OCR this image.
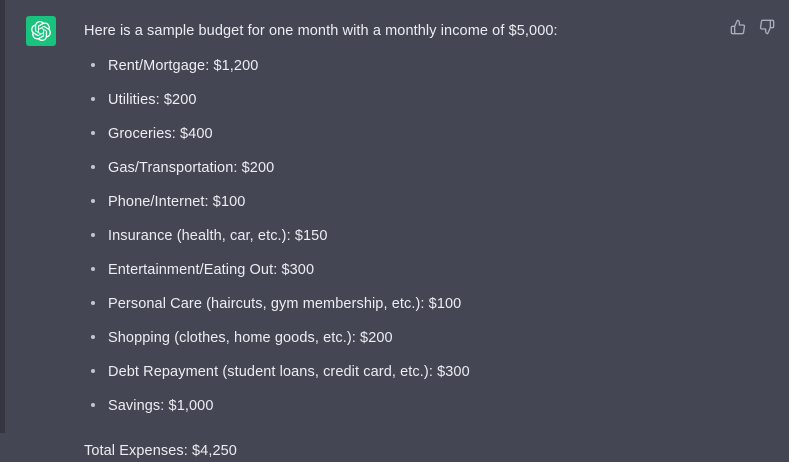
Here is a sample budget for one month with a monthly income of $5,000:

Rent/Mortgage: $1,200
Utilities: $200
Groceries: $400
Gas/Transportation: $200
Phone/Internet: $100
Insurance (health, car, etc.): $150
Entertainment/Eating Out: $300
Personal Care (haircuts, gym membership, etc.): $100
Shopping (clothes, home goods, etc.): $200
Debt Repayment (student loans, credit card, etc.): $300
Savings: $1,000
Total Expenses: $4,250
